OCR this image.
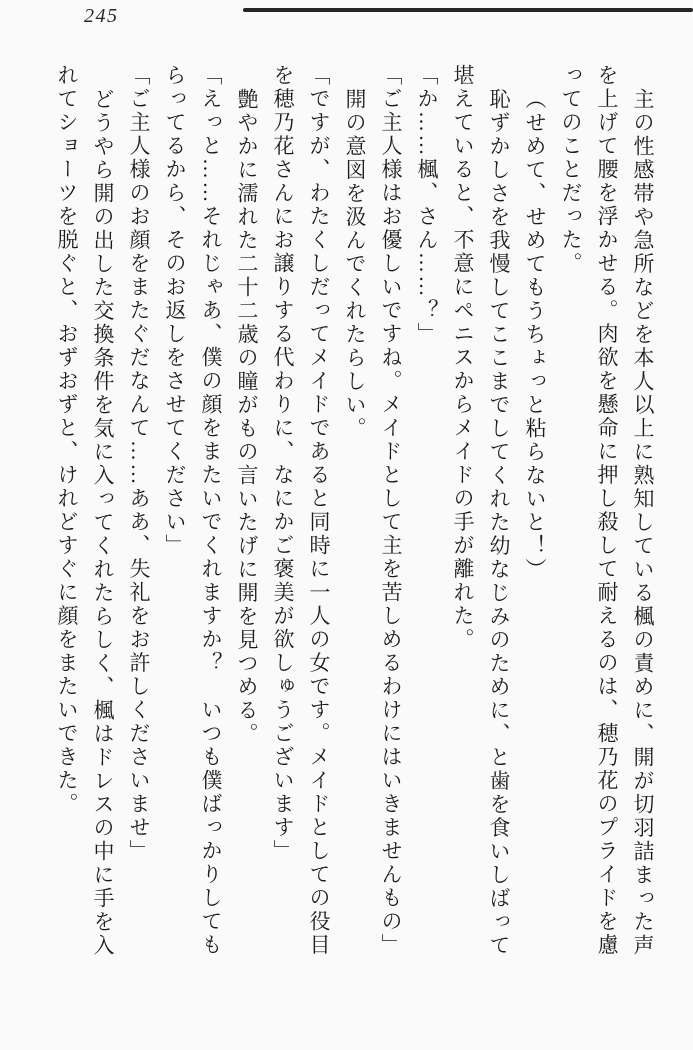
245
主の性感帯や急所などを本人以上に熟知している楓の責めに、開が切羽詰まった声
を上げて腰を浮かせる。肉欲を懸命に押し殺して耐えるのは、穂乃花のプライドを慮
ってのことだった。
（せめて、せめてもうちょっと粘らないと！）
恥ずかしさを我慢してここまでしてくれた幼なじみのために、と歯を食いしばって
堪えていると、不意にペニスからメイドの手が離れた。
「か……楓、さん……？」
「ご主人様はお優しいですね。メイドとして主を苦しめるわけにはいきませんもの」
開の意図を汲んでくれたらしい。
「ですが、わたくしだってメイドであると同時に一人の女です。メイドとしての役目
を穂乃花さんにお譲りする代わりに、なにかご褒美が欲しゅうございます」
艶やかに濡れた二十二歳の瞳がもの言いたげに開を見つめる。
「えっと……それじゃあ、僕の顔をまたいでくれますか？　いつも僕ばっかりしても
らってるから、そのお返しをさせてください」
「ご主人様のお顔をまたぐだなんて……ああ、失礼をお許しくださいませ」
どうやら開の出した交換条件を気に入ってくれたらしく、楓はドレスの中に手を入
れてショーツを脱ぐと、おずおずと、けれどすぐに顔をまたいできた。
